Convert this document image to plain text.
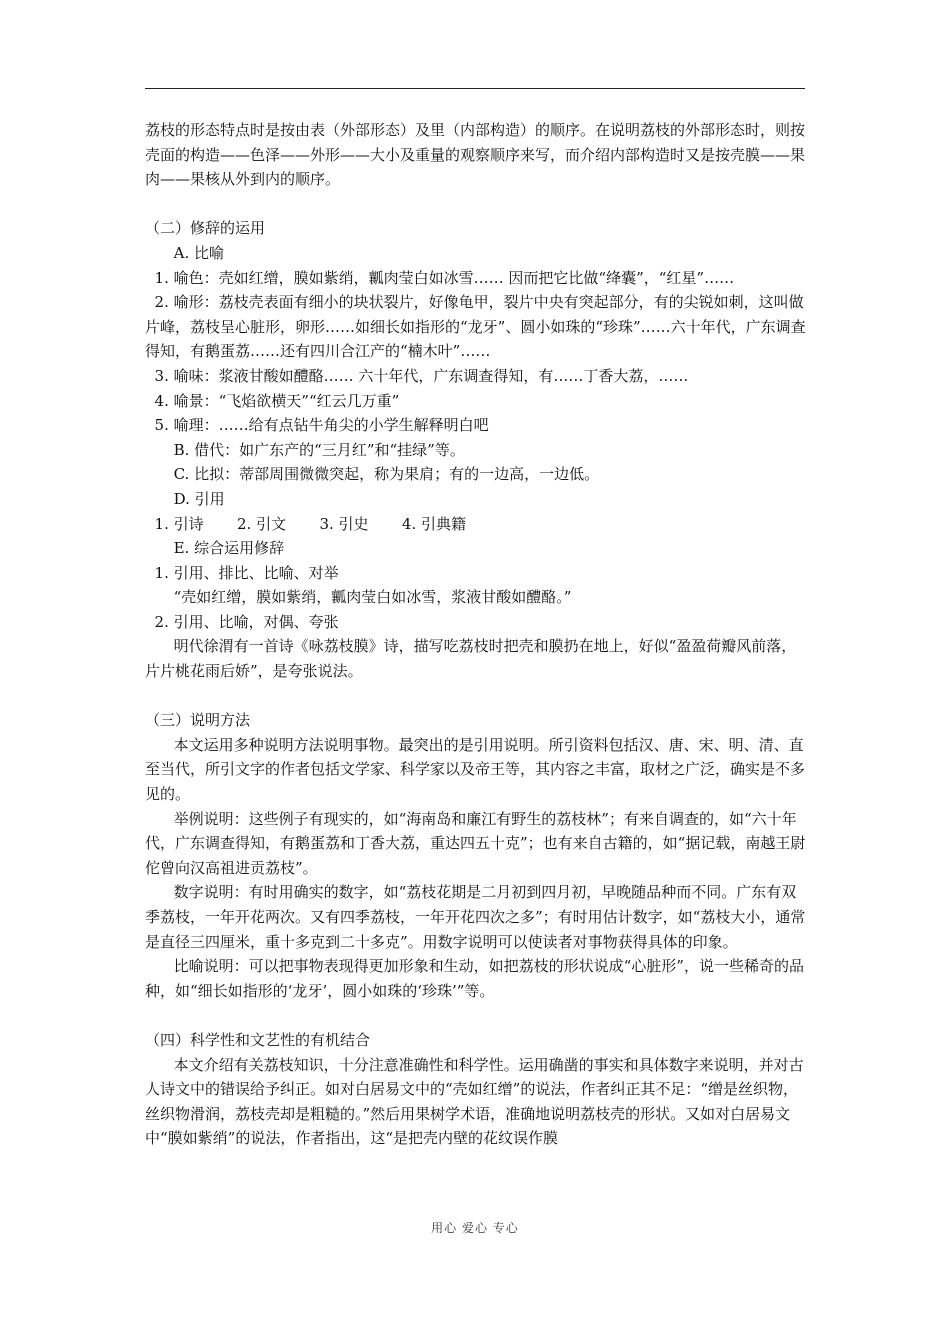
荔枝的形态特点时是按由表（外部形态）及里（内部构造）的顺序。在说明荔枝的外部形态时，则按壳面的构造——色泽——外形——大小及重量的观察顺序来写，而介绍内部构造时又是按壳膜——果肉——果核从外到内的顺序。

（二）修辞的运用

A. 比喻

1. 喻色：壳如红缯，膜如紫绡，瓤肉莹白如冰雪…… 因而把它比做“绛囊”，“红星”……

2. 喻形：荔枝壳表面有细小的块状裂片，好像龟甲，裂片中央有突起部分，有的尖锐如刺，这叫做片峰，荔枝呈心脏形，卵形……如细长如指形的“龙牙”、圆小如珠的“珍珠”……六十年代，广东调查得知，有鹅蛋荔……还有四川合江产的“楠木叶”……

3. 喻味：浆液甘酸如醴酪…… 六十年代，广东调查得知，有……丁香大荔，……

4. 喻景：“飞焰欲横天”“红云几万重”

5. 喻理：……给有点钻牛角尖的小学生解释明白吧

B. 借代：如广东产的“三月红”和“挂绿”等。

C. 比拟：蒂部周围微微突起，称为果肩；有的一边高，一边低。

D. 引用

1. 引诗       2. 引文       3. 引史       4. 引典籍

E. 综合运用修辞

1. 引用、排比、比喻、对举

“壳如红缯，膜如紫绡，瓤肉莹白如冰雪，浆液甘酸如醴酪。”

2. 引用、比喻，对偶、夸张

明代徐渭有一首诗《咏荔枝膜》诗，描写吃荔枝时把壳和膜扔在地上，好似“盈盈荷瓣风前落，片片桃花雨后娇”，是夸张说法。

（三）说明方法

本文运用多种说明方法说明事物。最突出的是引用说明。所引资料包括汉、唐、宋、明、清、直至当代，所引文字的作者包括文学家、科学家以及帝王等，其内容之丰富，取材之广泛，确实是不多见的。

举例说明：这些例子有现实的，如“海南岛和廉江有野生的荔枝林”；有来自调查的，如“六十年代，广东调查得知，有鹅蛋荔和丁香大荔，重达四五十克”；也有来自古籍的，如“据记载，南越王尉佗曾向汉高祖进贡荔枝”。

数字说明：有时用确实的数字，如“荔枝花期是二月初到四月初，早晚随品种而不同。广东有双季荔枝，一年开花两次。又有四季荔枝，一年开花四次之多”；有时用估计数字，如“荔枝大小，通常是直径三四厘米，重十多克到二十多克”。用数字说明可以使读者对事物获得具体的印象。

比喻说明：可以把事物表现得更加形象和生动，如把荔枝的形状说成“心脏形”，说一些稀奇的品种，如“细长如指形的‘龙牙’，圆小如珠的‘珍珠’”等。

（四）科学性和文艺性的有机结合

本文介绍有关荔枝知识，十分注意准确性和科学性。运用确凿的事实和具体数字来说明，并对古人诗文中的错误给予纠正。如对白居易文中的“壳如红缯”的说法，作者纠正其不足：“缯是丝织物，丝织物滑润，荔枝壳却是粗糙的。”然后用果树学术语，准确地说明荔枝壳的形状。又如对白居易文中“膜如紫绡”的说法，作者指出，这“是把壳内壁的花纹误作膜

用心 爱心 专心
